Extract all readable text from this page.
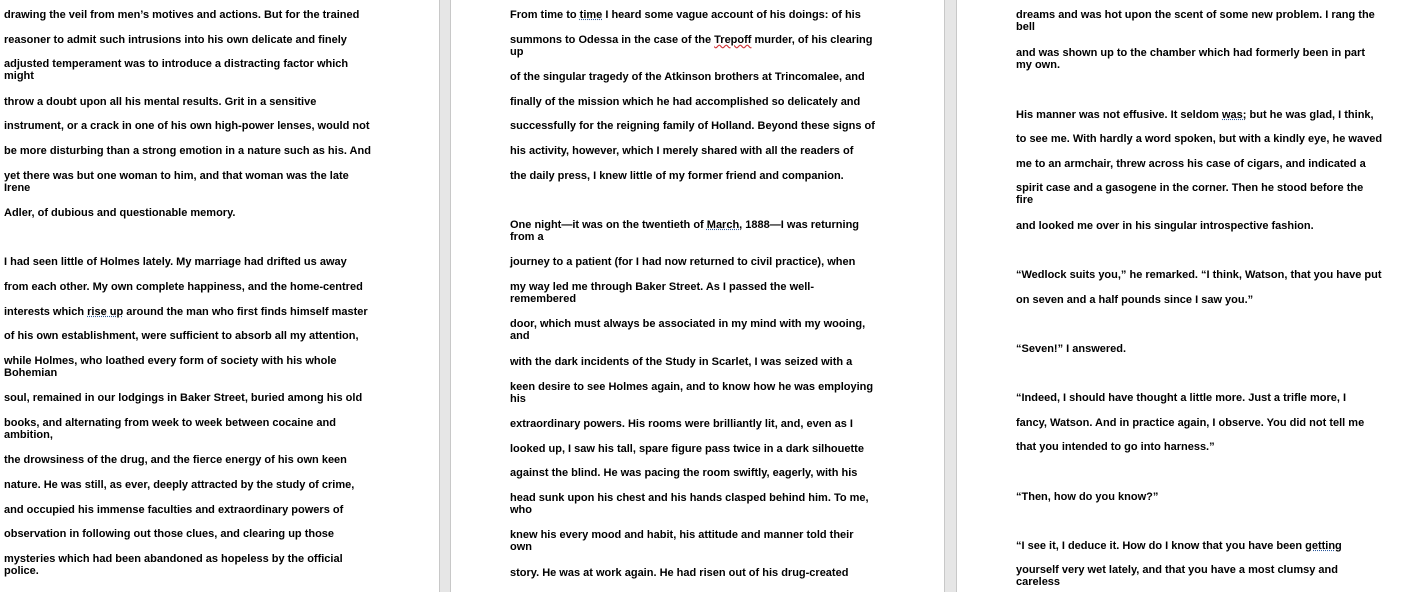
drawing the veil from men’s motives and actions. But for the trained

reasoner to admit such intrusions into his own delicate and finely

adjusted temperament was to introduce a distracting factor which
might

throw a doubt upon all his mental results. Grit in a sensitive

instrument, or a crack in one of his own high-power lenses, would not

be more disturbing than a strong emotion in a nature such as his. And

yet there was but one woman to him, and that woman was the late
Irene

Adler, of dubious and questionable memory.

I had seen little of Holmes lately. My marriage had drifted us away

from each other. My own complete happiness, and the home-centred

interests which rise up around the man who first finds himself master

of his own establishment, were sufficient to absorb all my attention,

while Holmes, who loathed every form of society with his whole
Bohemian

soul, remained in our lodgings in Baker Street, buried among his old

books, and alternating from week to week between cocaine and
ambition,

the drowsiness of the drug, and the fierce energy of his own keen

nature. He was still, as ever, deeply attracted by the study of crime,

and occupied his immense faculties and extraordinary powers of

observation in following out those clues, and clearing up those

mysteries which had been abandoned as hopeless by the official
police.

From time to time I heard some vague account of his doings: of his

summons to Odessa in the case of the Trepoff murder, of his clearing
up

of the singular tragedy of the Atkinson brothers at Trincomalee, and

finally of the mission which he had accomplished so delicately and

successfully for the reigning family of Holland. Beyond these signs of

his activity, however, which I merely shared with all the readers of

the daily press, I knew little of my former friend and companion.

One night—it was on the twentieth of March, 1888—I was returning
from a

journey to a patient (for I had now returned to civil practice), when

my way led me through Baker Street. As I passed the well-
remembered

door, which must always be associated in my mind with my wooing,
and

with the dark incidents of the Study in Scarlet, I was seized with a

keen desire to see Holmes again, and to know how he was employing
his

extraordinary powers. His rooms were brilliantly lit, and, even as I

looked up, I saw his tall, spare figure pass twice in a dark silhouette

against the blind. He was pacing the room swiftly, eagerly, with his

head sunk upon his chest and his hands clasped behind him. To me,
who

knew his every mood and habit, his attitude and manner told their
own

story. He was at work again. He had risen out of his drug-created

dreams and was hot upon the scent of some new problem. I rang the
bell

and was shown up to the chamber which had formerly been in part
my own.

His manner was not effusive. It seldom was; but he was glad, I think,

to see me. With hardly a word spoken, but with a kindly eye, he waved

me to an armchair, threw across his case of cigars, and indicated a

spirit case and a gasogene in the corner. Then he stood before the
fire

and looked me over in his singular introspective fashion.

“Wedlock suits you,” he remarked. “I think, Watson, that you have put

on seven and a half pounds since I saw you.”

“Seven!” I answered.

“Indeed, I should have thought a little more. Just a trifle more, I

fancy, Watson. And in practice again, I observe. You did not tell me

that you intended to go into harness.”

“Then, how do you know?”

“I see it, I deduce it. How do I know that you have been getting

yourself very wet lately, and that you have a most clumsy and
careless
